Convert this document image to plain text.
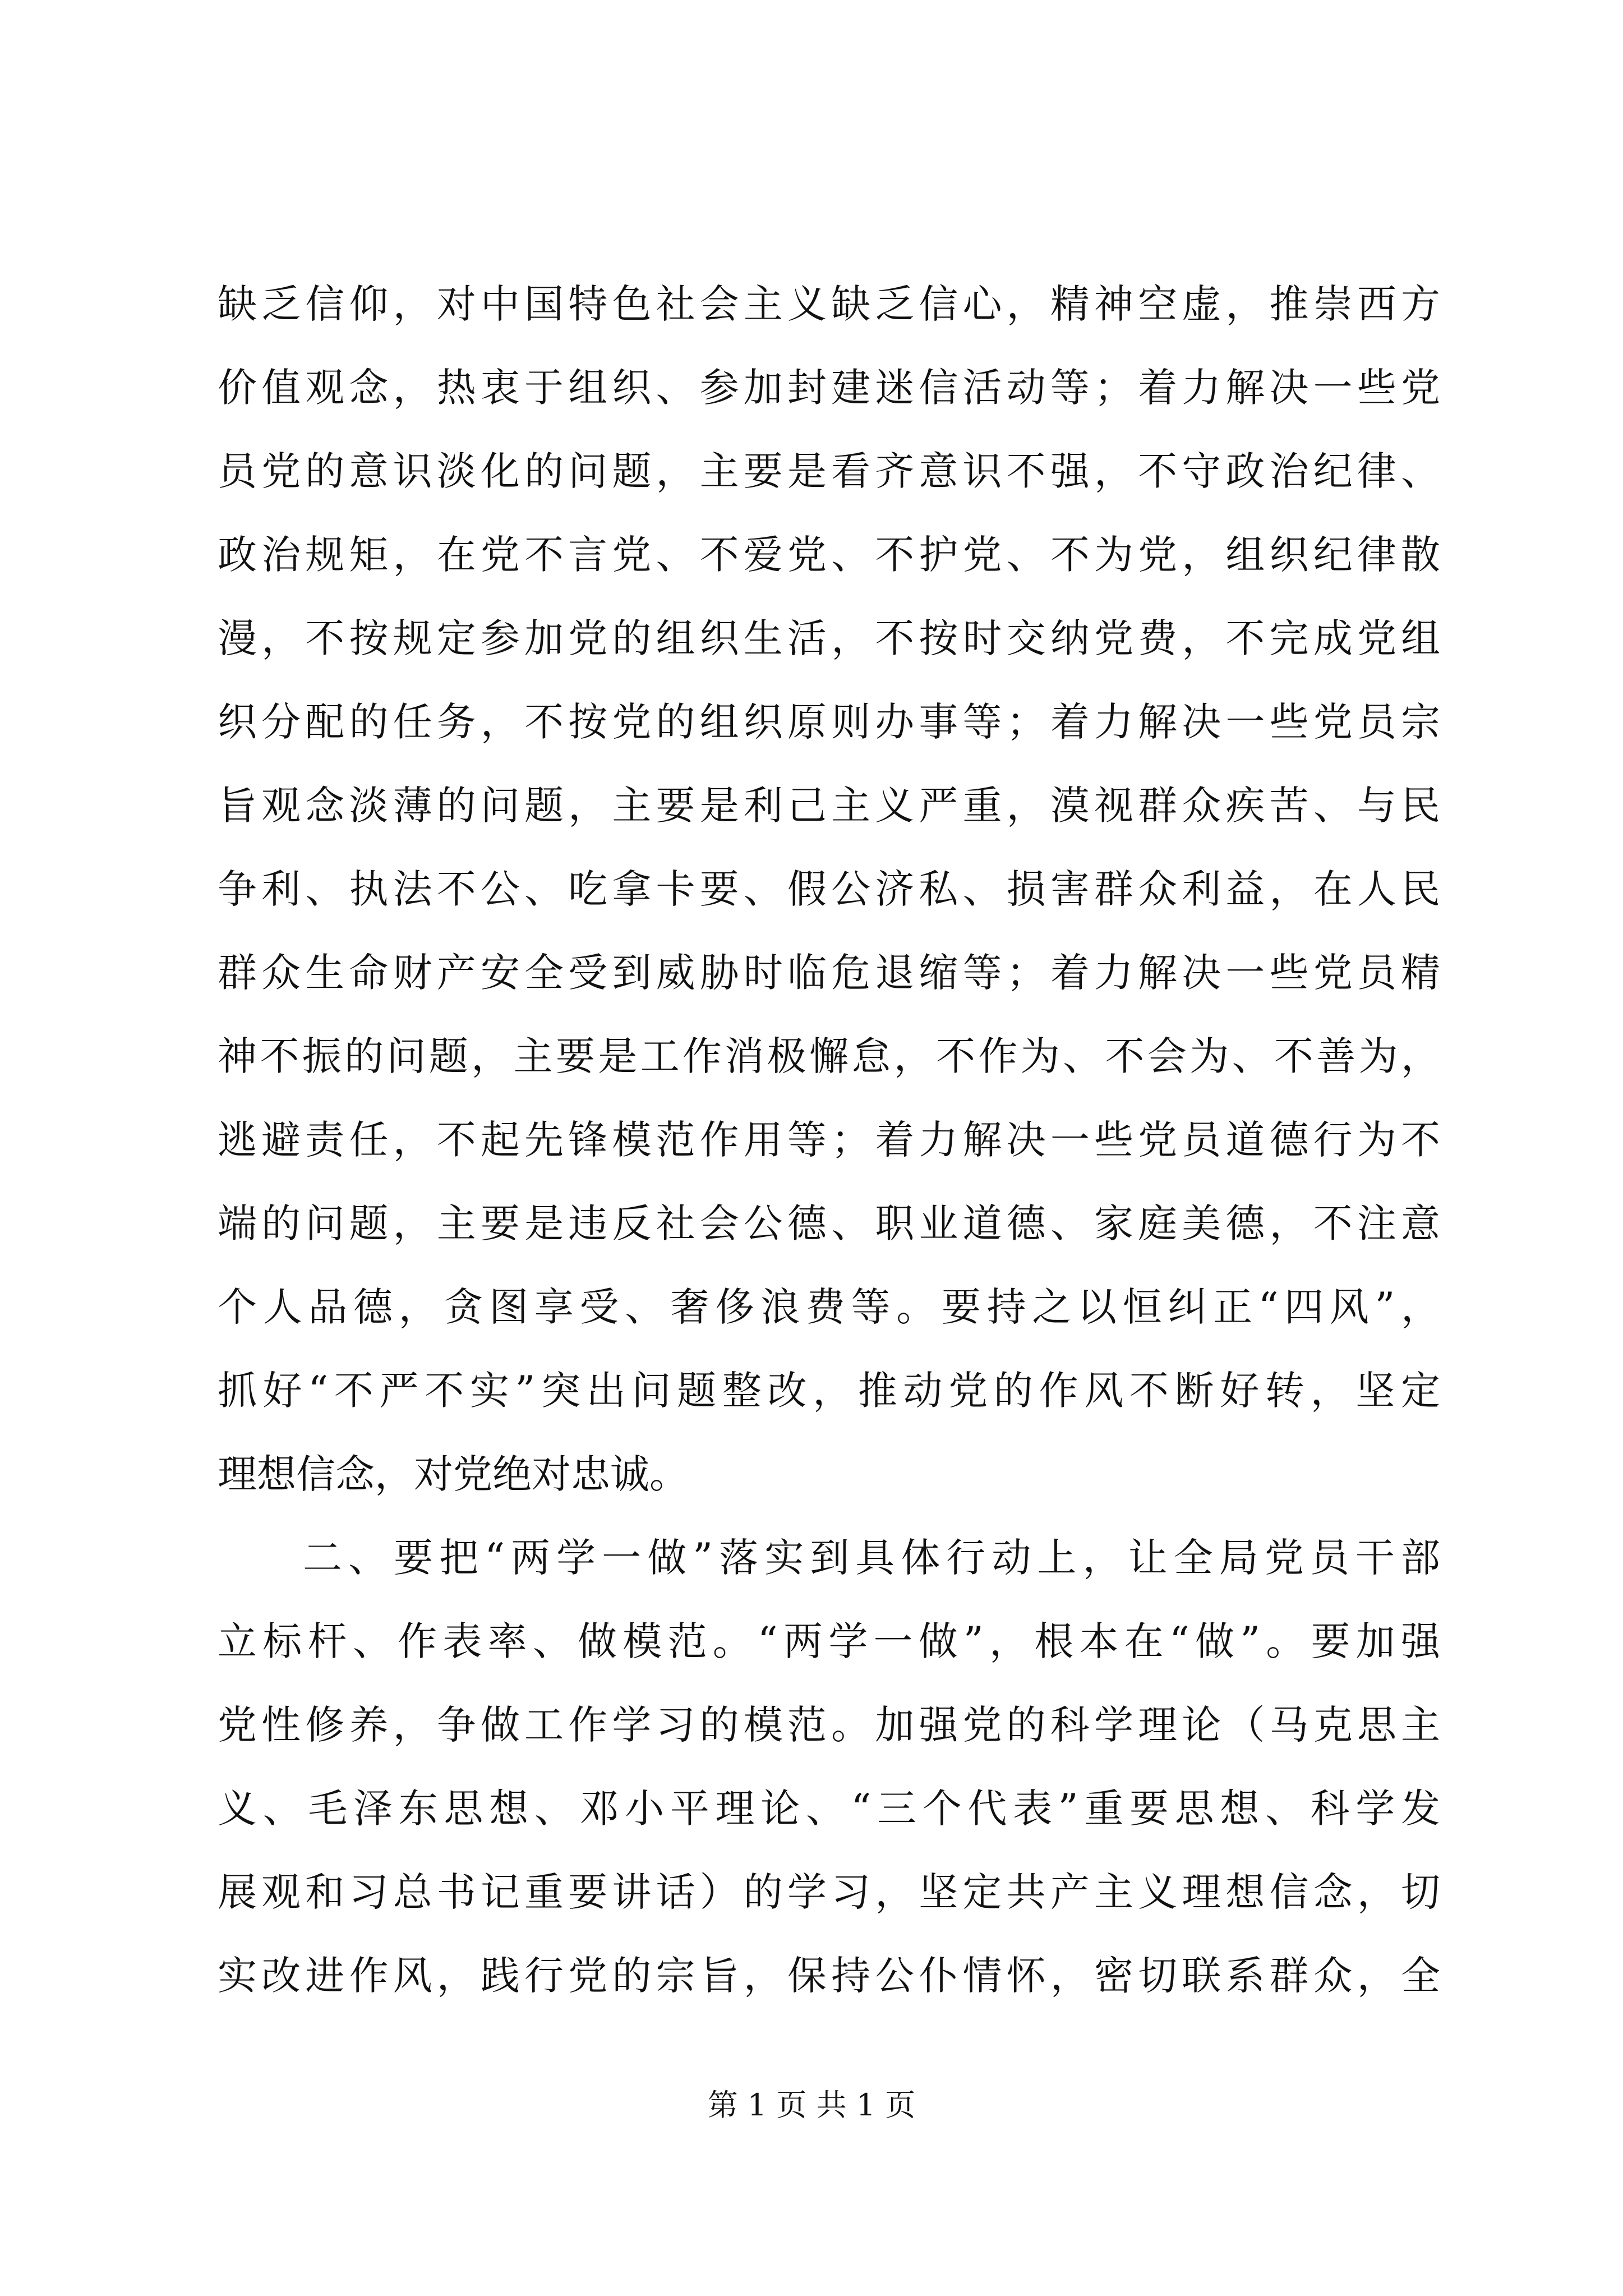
缺乏信仰，对中国特色社会主义缺乏信心，精神空虚，推崇西方
价值观念，热衷于组织、参加封建迷信活动等；着力解决一些党
员党的意识淡化的问题，主要是看齐意识不强，不守政治纪律、
政治规矩，在党不言党、不爱党、不护党、不为党，组织纪律散
漫，不按规定参加党的组织生活，不按时交纳党费，不完成党组
织分配的任务，不按党的组织原则办事等；着力解决一些党员宗
旨观念淡薄的问题，主要是利己主义严重，漠视群众疾苦、与民
争利、执法不公、吃拿卡要、假公济私、损害群众利益，在人民
群众生命财产安全受到威胁时临危退缩等；着力解决一些党员精
神不振的问题，主要是工作消极懈怠，不作为、不会为、不善为，
逃避责任，不起先锋模范作用等；着力解决一些党员道德行为不
端的问题，主要是违反社会公德、职业道德、家庭美德，不注意
个人品德，贪图享受、奢侈浪费等。要持之以恒纠正“四风”，
抓好“不严不实”突出问题整改，推动党的作风不断好转，坚定
理想信念，对党绝对忠诚。
二、要把“两学一做”落实到具体行动上，让全局党员干部
立标杆、作表率、做模范。“两学一做”，根本在“做”。要加强
党性修养，争做工作学习的模范。加强党的科学理论（马克思主
义、毛泽东思想、邓小平理论、“三个代表”重要思想、科学发
展观和习总书记重要讲话）的学习，坚定共产主义理想信念，切
实改进作风，践行党的宗旨，保持公仆情怀，密切联系群众，全
第 1 页 共 1 页
